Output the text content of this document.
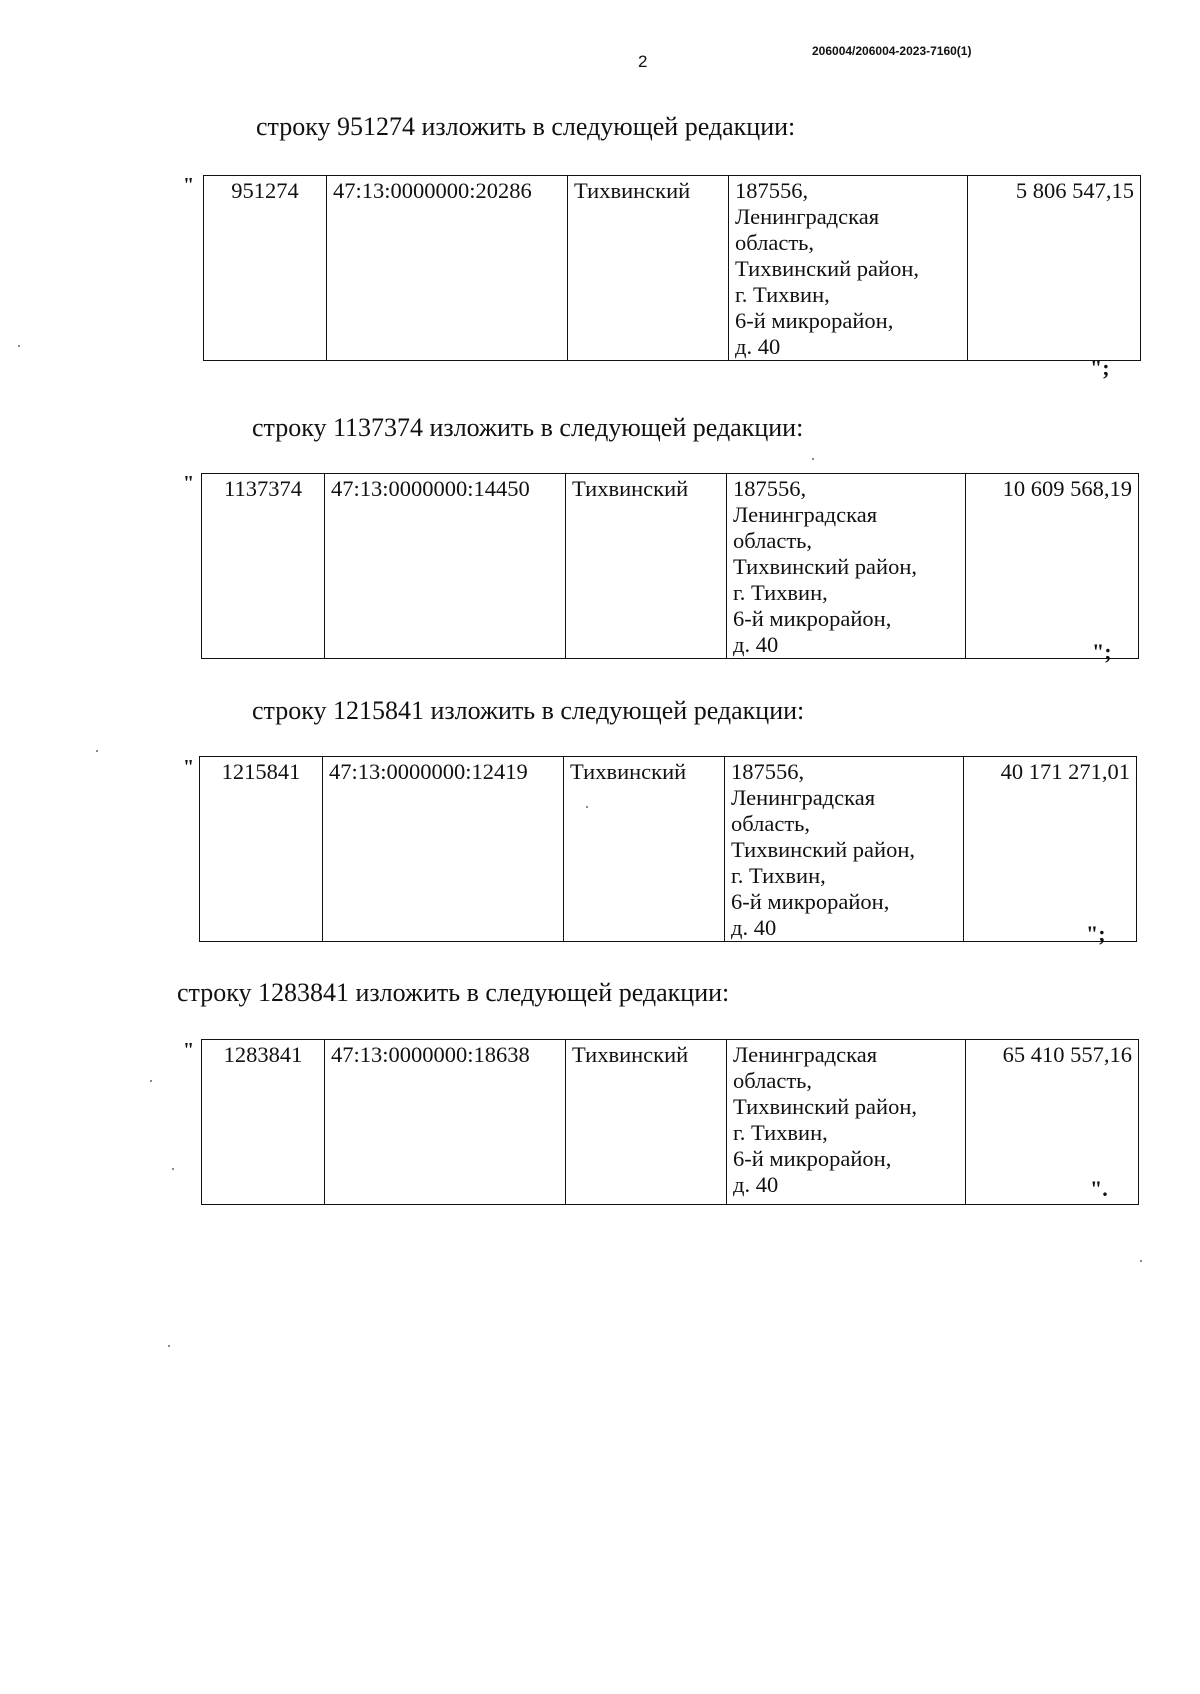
2
206004/206004-2023-7160(1)
строку 951274 изложить в следующей редакции:
" 951274	47:13:0000000:20286	Тихвинский	187556,
Ленинградская
область,
Тихвинский район,
г. Тихвин,
6-й микрорайон,
д. 40
	5 806 547,15
";
строку 1137374 изложить в следующей редакции:
" 1137374	47:13:0000000:14450	Тихвинский	187556,
Ленинградская
область,
Тихвинский район,
г. Тихвин,
6-й микрорайон,
д. 40
	10 609 568,19
";
строку 1215841 изложить в следующей редакции:
" 1215841	47:13:0000000:12419	Тихвинский	187556,
Ленинградская
область,
Тихвинский район,
г. Тихвин,
6-й микрорайон,
д. 40
	40 171 271,01
";
строку 1283841 изложить в следующей редакции:
" 1283841	47:13:0000000:18638	Тихвинский	Ленинградская
область,
Тихвинский район,
г. Тихвин,
6-й микрорайон,
д. 40
	65 410 557,16
".
